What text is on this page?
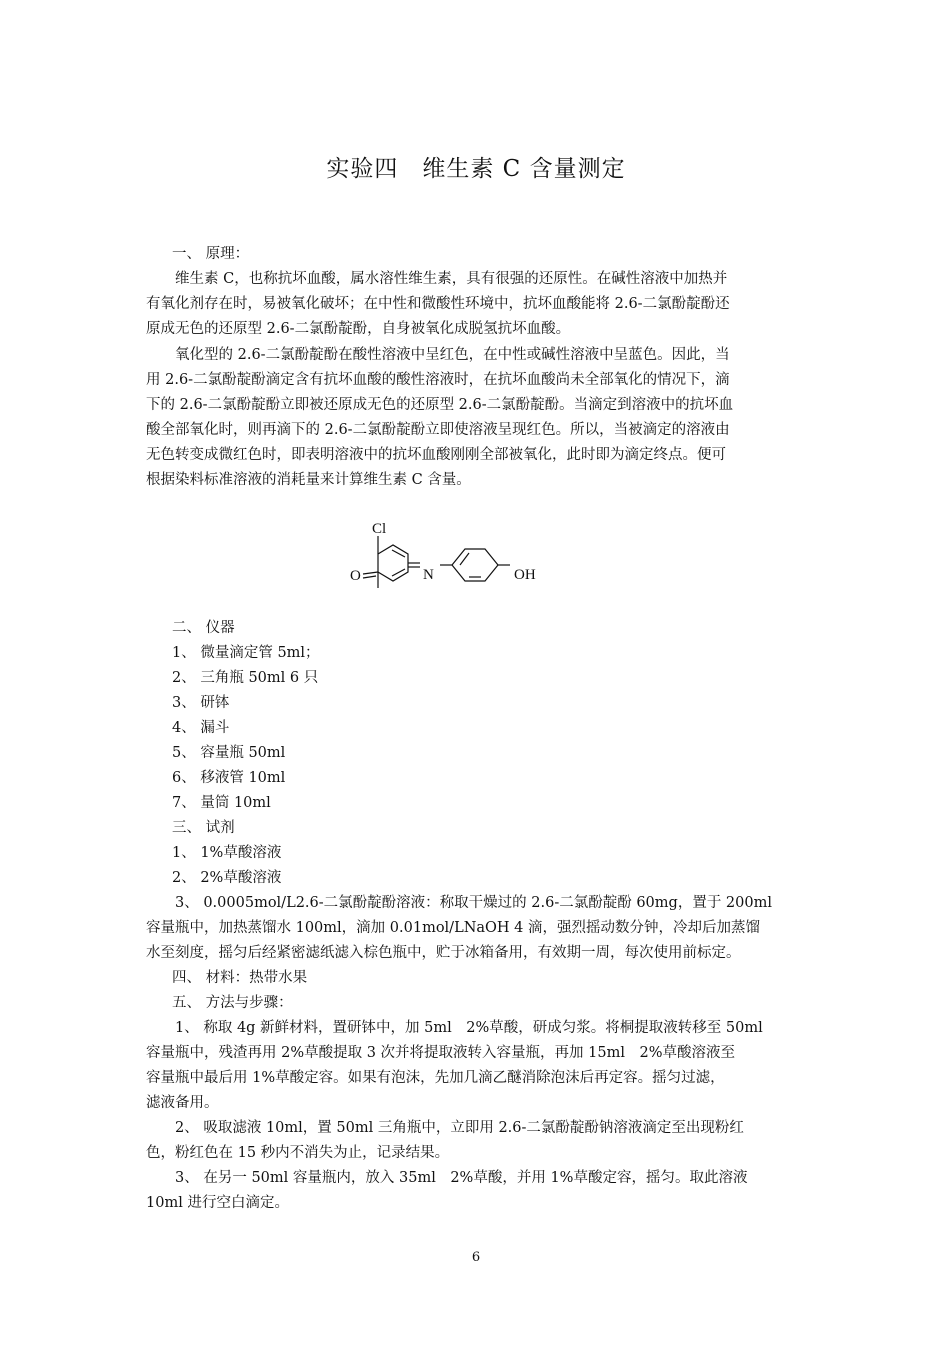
实验四　维生素 C 含量测定

一、 原理：

维生素 C，也称抗坏血酸，属水溶性维生素，具有很强的还原性。在碱性溶液中加热并

有氧化剂存在时，易被氧化破坏；在中性和微酸性环境中，抗坏血酸能将 2.6-二氯酚靛酚还

原成无色的还原型 2.6-二氯酚靛酚，自身被氧化成脱氢抗坏血酸。

氧化型的 2.6-二氯酚靛酚在酸性溶液中呈红色，在中性或碱性溶液中呈蓝色。因此，当

用 2.6-二氯酚靛酚滴定含有抗坏血酸的酸性溶液时，在抗坏血酸尚未全部氧化的情况下，滴

下的 2.6-二氯酚靛酚立即被还原成无色的还原型 2.6-二氯酚靛酚。当滴定到溶液中的抗坏血

酸全部氧化时，则再滴下的 2.6-二氯酚靛酚立即使溶液呈现红色。所以，当被滴定的溶液由

无色转变成微红色时，即表明溶液中的抗坏血酸刚刚全部被氧化，此时即为滴定终点。便可

根据染料标准溶液的消耗量来计算维生素 C 含量。

Cl
O	N	OH

二、 仪器

1、 微量滴定管 5ml；

2、 三角瓶 50ml 6 只

3、 研钵

4、 漏斗

5、 容量瓶 50ml

6、 移液管 10ml

7、 量筒 10ml

三、 试剂

1、 1%草酸溶液

2、 2%草酸溶液

3、 0.0005mol/L2.6-二氯酚靛酚溶液：称取干燥过的 2.6-二氯酚靛酚 60mg，置于 200ml

容量瓶中，加热蒸馏水 100ml，滴加 0.01mol/LNaOH 4 滴，强烈摇动数分钟，冷却后加蒸馏

水至刻度，摇匀后经紧密滤纸滤入棕色瓶中，贮于冰箱备用，有效期一周，每次使用前标定。

四、 材料：热带水果

五、 方法与步骤：

1、 称取 4g 新鲜材料，置研钵中，加 5ml　2%草酸，研成匀浆。将桐提取液转移至 50ml

容量瓶中，残渣再用 2%草酸提取 3 次并将提取液转入容量瓶，再加 15ml　2%草酸溶液至

容量瓶中最后用 1%草酸定容。如果有泡沫，先加几滴乙醚消除泡沫后再定容。摇匀过滤，

滤液备用。

2、 吸取滤液 10ml，置 50ml 三角瓶中，立即用 2.6-二氯酚靛酚钠溶液滴定至出现粉红

色，粉红色在 15 秒内不消失为止，记录结果。

3、 在另一 50ml 容量瓶内，放入 35ml　2%草酸，并用 1%草酸定容，摇匀。取此溶液

10ml 进行空白滴定。

6
